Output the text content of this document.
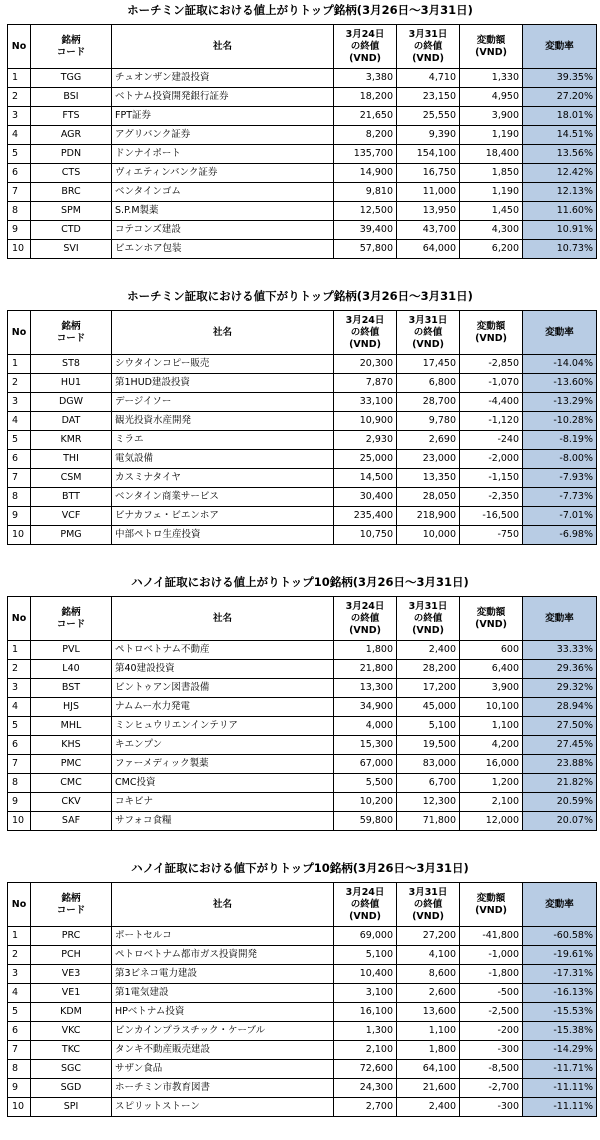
ホーチミン証取における値上がりトップ銘柄(3月26日〜3月31日)
No	銘柄
コード	社名	3月24日
の終値
(VND)	3月31日
の終値
(VND)	変動額
(VND)	変動率
1	TGG	チュオンザン建設投資	3,380	4,710	1,330	39.35%
2	BSI	ベトナム投資開発銀行証券	18,200	23,150	4,950	27.20%
3	FTS	FPT証券	21,650	25,550	3,900	18.01%
4	AGR	アグリバンク証券	8,200	9,390	1,190	14.51%
5	PDN	ドンナイポート	135,700	154,100	18,400	13.56%
6	CTS	ヴィエティンバンク証券	14,900	16,750	1,850	12.42%
7	BRC	ベンタインゴム	9,810	11,000	1,190	12.13%
8	SPM	S.P.M製薬	12,500	13,950	1,450	11.60%
9	CTD	コテコンズ建設	39,400	43,700	4,300	10.91%
10	SVI	ビエンホア包装	57,800	64,000	6,200	10.73%
ホーチミン証取における値下がりトップ銘柄(3月26日〜3月31日)
No	銘柄
コード	社名	3月24日
の終値
(VND)	3月31日
の終値
(VND)	変動額
(VND)	変動率
1	ST8	シウタインコピー販売	20,300	17,450	-2,850	-14.04%
2	HU1	第1HUD建設投資	7,870	6,800	-1,070	-13.60%
3	DGW	デージイソー	33,100	28,700	-4,400	-13.29%
4	DAT	観光投資水産開発	10,900	9,780	-1,120	-10.28%
5	KMR	ミラエ	2,930	2,690	-240	-8.19%
6	THI	電気設備	25,000	23,000	-2,000	-8.00%
7	CSM	カスミナタイヤ	14,500	13,350	-1,150	-7.93%
8	BTT	ベンタイン商業サービス	30,400	28,050	-2,350	-7.73%
9	VCF	ビナカフェ・ビエンホア	235,400	218,900	-16,500	-7.01%
10	PMG	中部ペトロ生産投資	10,750	10,000	-750	-6.98%
ハノイ証取における値上がりトップ10銘柄(3月26日〜3月31日)
No	銘柄
コード	社名	3月24日
の終値
(VND)	3月31日
の終値
(VND)	変動額
(VND)	変動率
1	PVL	ペトロベトナム不動産	1,800	2,400	600	33.33%
2	L40	第40建設投資	21,800	28,200	6,400	29.36%
3	BST	ビントゥアン図書設備	13,300	17,200	3,900	29.32%
4	HJS	ナムムー水力発電	34,900	45,000	10,100	28.94%
5	MHL	ミンヒュウリエンインテリア	4,000	5,100	1,100	27.50%
6	KHS	キエンプン	15,300	19,500	4,200	27.45%
7	PMC	ファーメディック製薬	67,000	83,000	16,000	23.88%
8	CMC	CMC投資	5,500	6,700	1,200	21.82%
9	CKV	コキビナ	10,200	12,300	2,100	20.59%
10	SAF	サフォコ食糧	59,800	71,800	12,000	20.07%
ハノイ証取における値下がりトップ10銘柄(3月26日〜3月31日)
No	銘柄
コード	社名	3月24日
の終値
(VND)	3月31日
の終値
(VND)	変動額
(VND)	変動率
1	PRC	ポートセルコ	69,000	27,200	-41,800	-60.58%
2	PCH	ペトロベトナム都市ガス投資開発	5,100	4,100	-1,000	-19.61%
3	VE3	第3ビネコ電力建設	10,400	8,600	-1,800	-17.31%
4	VE1	第1電気建設	3,100	2,600	-500	-16.13%
5	KDM	HPベトナム投資	16,100	13,600	-2,500	-15.53%
6	VKC	ビンカインプラスチック・ケーブル	1,300	1,100	-200	-15.38%
7	TKC	タンキ不動産販売建設	2,100	1,800	-300	-14.29%
8	SGC	サザン食品	72,600	64,100	-8,500	-11.71%
9	SGD	ホーチミン市教育図書	24,300	21,600	-2,700	-11.11%
10	SPI	スピリットストーン	2,700	2,400	-300	-11.11%
